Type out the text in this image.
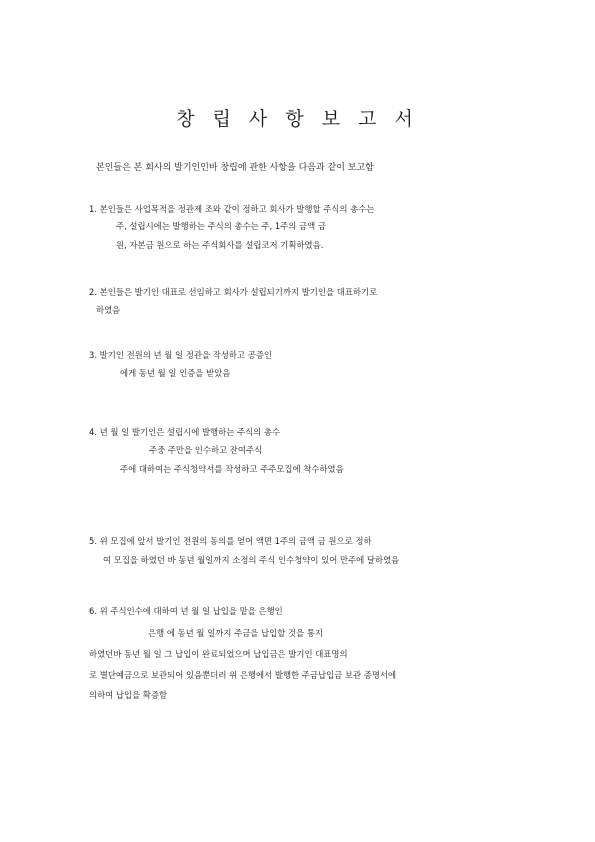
창 립 사 항 보 고 서
본인들은 본 회사의 발기인인바 창립에 관한 사항을 다음과 같이 보고함
1. 본인들은 사업목적을 정관제 조와 같이 정하고 회사가 발행할 주식의 총수는
주, 설립시에는 발행하는 주식의 총수는 주, 1주의 금액 금
원, 자본금 원으로 하는 주식회사를 설립코저 기획하였음.
2. 본인들은 발기인 대표로 선임하고 회사가 설립되기까지 발기인을 대표하기로
하였음
3. 발기인 전원의 년 월 일 정관을 작성하고 공증인
에게 동년 월 일 인증을 받았음
4. 년 월 일 발기인은 설립시에 발행하는 주식의 총수
주중 주만을 인수하고 잔여주식
주에 대하여는 주식청약서를 작성하고 주주모집에 착수하였음
5. 위 모집에 앞서 발기인 전원의 동의를 얻어 액면 1주의 금액 금 원으로 정하
여 모집을 하였던 바 동년 월일까지 소정의 주식 인수청약이 있어 만주에 달하였음
6. 위 주식인수에 대하여 년 월 일 납입을 맡을 은행인
은행 에 동년 월 일까지 주금을 납입할 것을 통지
하였던바 동년 월 일 그 납입이 완료되었으며 납입금은 발기인 대표명의
로 별단예금으로 보관되어 있음뿐더러 위 은행에서 발행한 주금납입금 보관 증명서에
의하여 납입을 확증함
